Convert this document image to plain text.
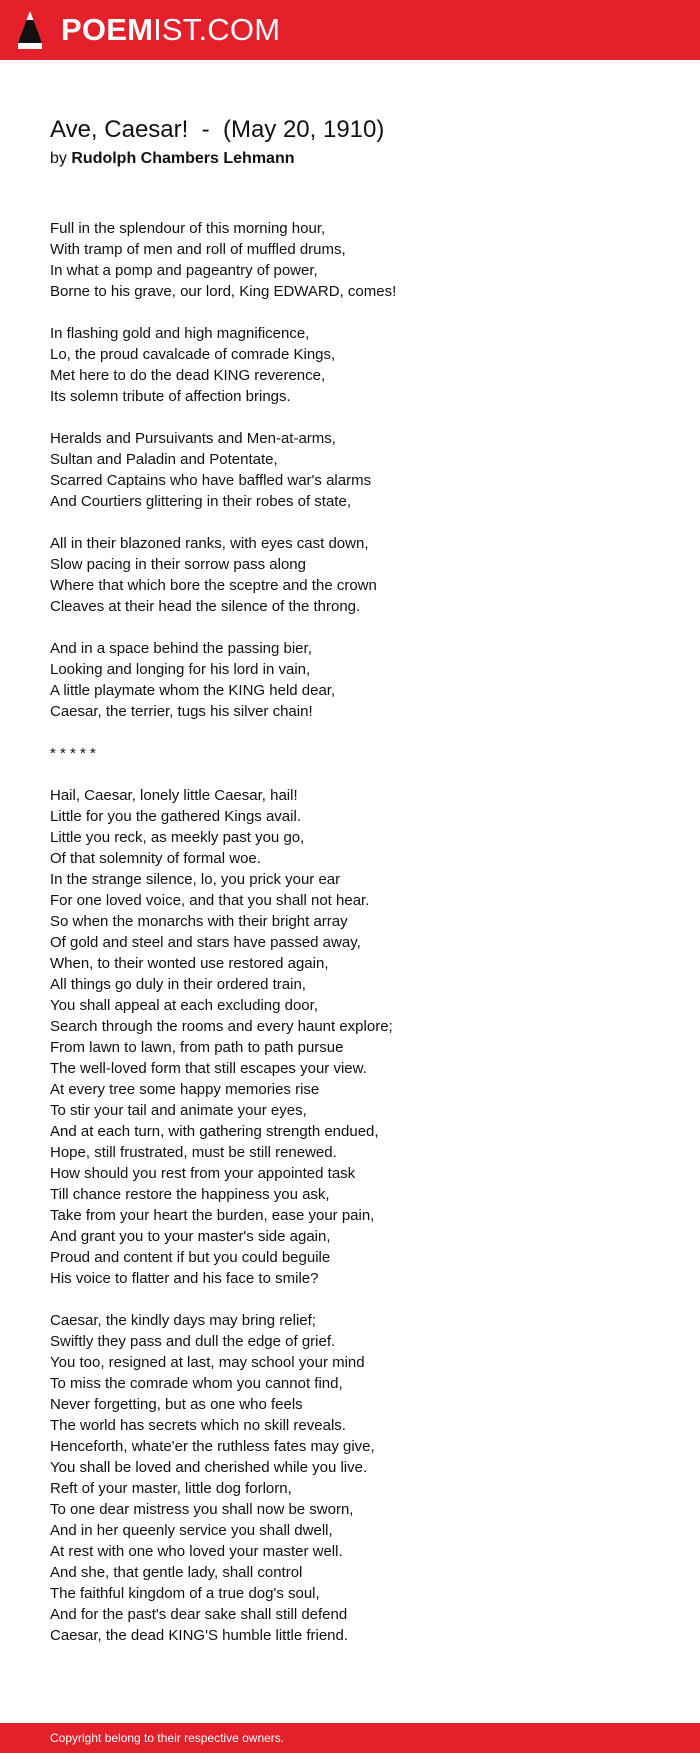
POEMIST.COM
Ave, Caesar!  -  (May 20, 1910)
by Rudolph Chambers Lehmann
Full in the splendour of this morning hour,
With tramp of men and roll of muffled drums,
In what a pomp and pageantry of power,
Borne to his grave, our lord, King EDWARD, comes!
In flashing gold and high magnificence,
Lo, the proud cavalcade of comrade Kings,
Met here to do the dead KING reverence,
Its solemn tribute of affection brings.
Heralds and Pursuivants and Men-at-arms,
Sultan and Paladin and Potentate,
Scarred Captains who have baffled war's alarms
And Courtiers glittering in their robes of state,
All in their blazoned ranks, with eyes cast down,
Slow pacing in their sorrow pass along
Where that which bore the sceptre and the crown
Cleaves at their head the silence of the throng.
And in a space behind the passing bier,
Looking and longing for his lord in vain,
A little playmate whom the KING held dear,
Caesar, the terrier, tugs his silver chain!
* * * * *
Hail, Caesar, lonely little Caesar, hail!
Little for you the gathered Kings avail.
Little you reck, as meekly past you go,
Of that solemnity of formal woe.
In the strange silence, lo, you prick your ear
For one loved voice, and that you shall not hear.
So when the monarchs with their bright array
Of gold and steel and stars have passed away,
When, to their wonted use restored again,
All things go duly in their ordered train,
You shall appeal at each excluding door,
Search through the rooms and every haunt explore;
From lawn to lawn, from path to path pursue
The well-loved form that still escapes your view.
At every tree some happy memories rise
To stir your tail and animate your eyes,
And at each turn, with gathering strength endued,
Hope, still frustrated, must be still renewed.
How should you rest from your appointed task
Till chance restore the happiness you ask,
Take from your heart the burden, ease your pain,
And grant you to your master's side again,
Proud and content if but you could beguile
His voice to flatter and his face to smile?
Caesar, the kindly days may bring relief;
Swiftly they pass and dull the edge of grief.
You too, resigned at last, may school your mind
To miss the comrade whom you cannot find,
Never forgetting, but as one who feels
The world has secrets which no skill reveals.
Henceforth, whate'er the ruthless fates may give,
You shall be loved and cherished while you live.
Reft of your master, little dog forlorn,
To one dear mistress you shall now be sworn,
And in her queenly service you shall dwell,
At rest with one who loved your master well.
And she, that gentle lady, shall control
The faithful kingdom of a true dog's soul,
And for the past's dear sake shall still defend
Caesar, the dead KING'S humble little friend.
Copyright belong to their respective owners.
